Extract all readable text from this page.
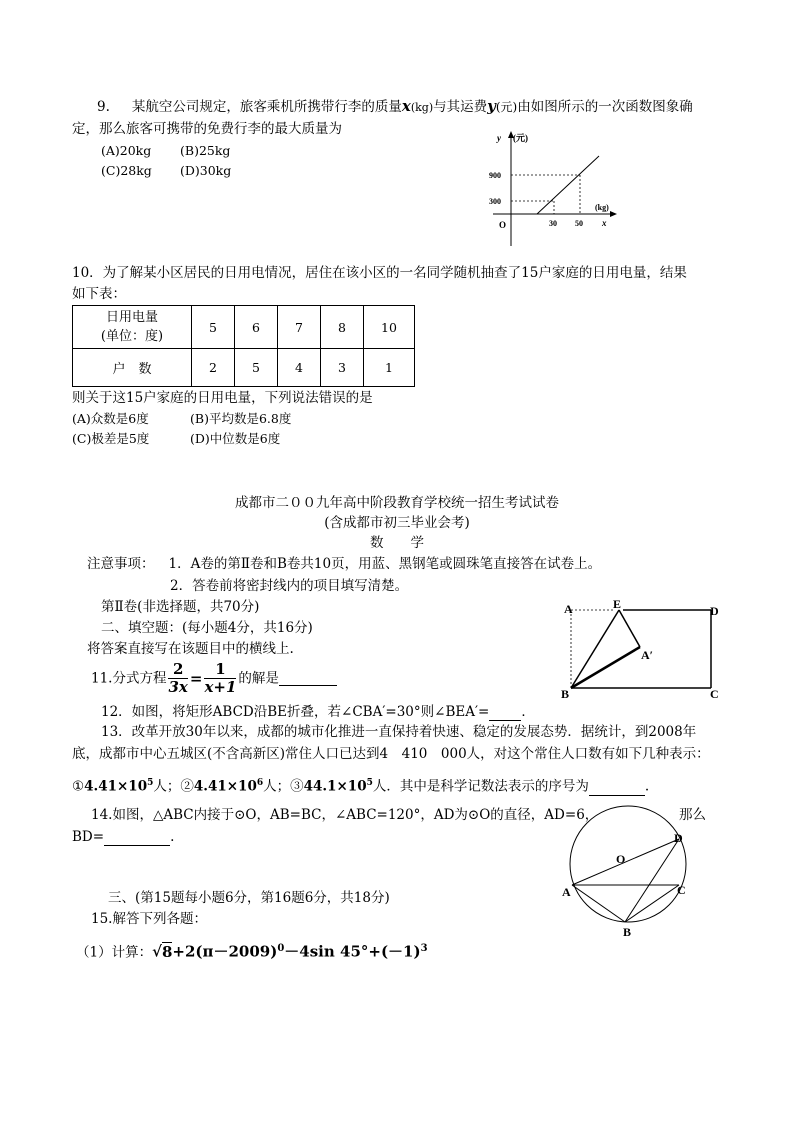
9. 某航空公司规定，旅客乘机所携带行李的质量x(kg)与其运费y(元)由如图所示的一次函数图象确
定，那么旅客可携带的免费行李的最大质量为
(A)20kg (B)25kg
(C)28kg (D)30kg
y (元)
900
300
(kg)
O	30 50 x
10．为了解某小区居民的日用电情况，居住在该小区的一名同学随机抽查了15户家庭的日用电量，结果
如下表：
日用电量
(单位：度)	5	6	7	8	10
户　数	2	5	4	3	1
则关于这15户家庭的日用电量，下列说法错误的是
(A)众数是6度	(B)平均数是6.8度
(C)极差是5度	(D)中位数是6度
成都市二００九年高中阶段教育学校统一招生考试试卷
(含成都市初三毕业会考)
数　　学
注意事项： 1．A卷的第Ⅱ卷和B卷共10页，用蓝、黑钢笔或圆珠笔直接答在试卷上。
2．答卷前将密封线内的项目填写清楚。
第Ⅱ卷(非选择题，共70分)
二、填空题：(每小题4分，共16分)
将答案直接写在该题目中的横线上.
11.分式方程 $\frac{2}{3x} = \frac{1}{x+1}$ 的解是
12．如图，将矩形ABCD沿BE折叠，若∠CBA′=30°则∠BEA′= ．
A	E	D
A′
B	C
13．改革开放30年以来，成都的城市化推进一直保持着快速、稳定的发展态势．据统计，到2008年
底，成都市中心五城区(不含高新区)常住人口已达到4　410　000人，对这个常住人口数有如下几种表示：
$①4.41\times 10^5$人；$②4.41\times 10^6$人；$③44.1\times 10^5$人．其中是科学记数法表示的序号为	.
14.如图，△ABC内接于⊙O，AB=BC，∠ABC=120°，AD为⊙O的直径，AD=6，	那么
BD=	.	D
O
A	C
B
三、(第15题每小题6分，第16题6分，共18分)
15.解答下列各题：
（1）计算：$√8+2(\pi-2009)^0-4\sin$ $45^\circ+(-1)^3$
